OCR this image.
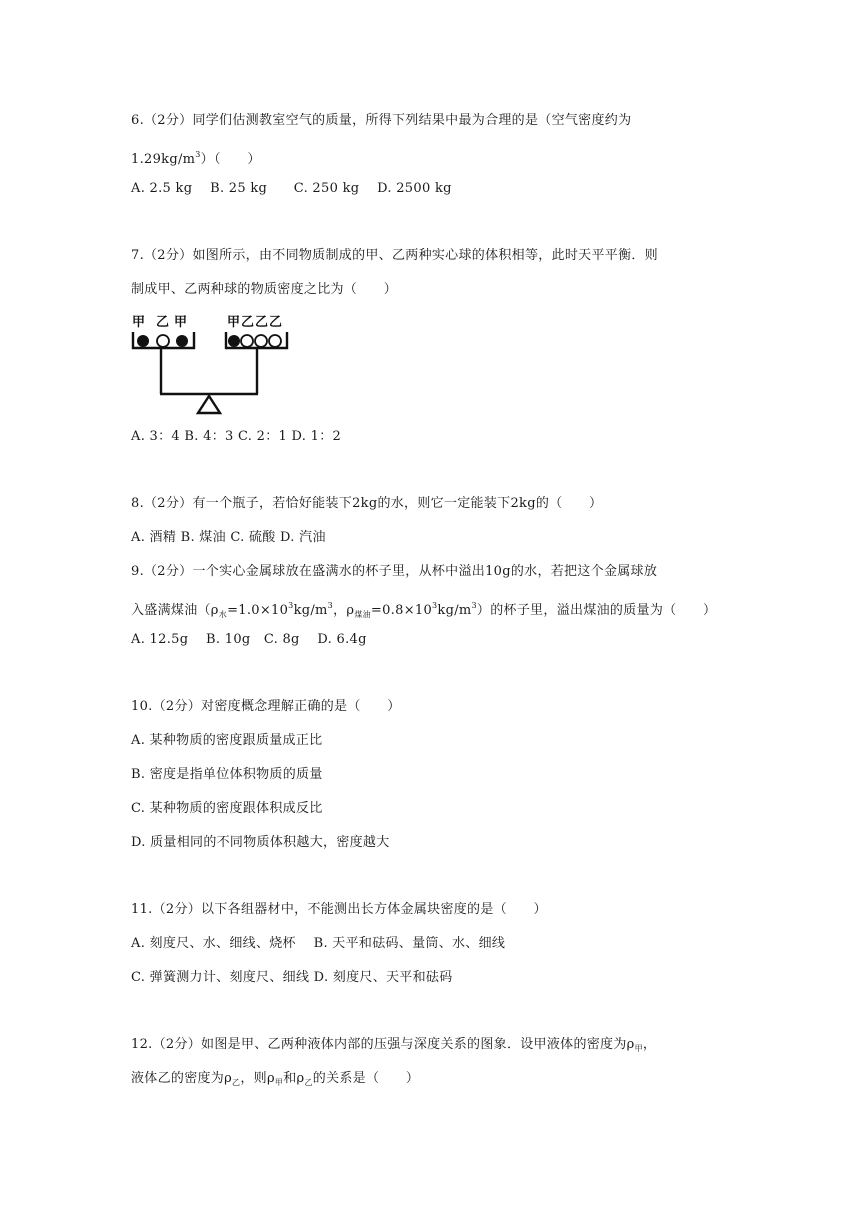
6.（2分）同学们估测教室空气的质量，所得下列结果中最为合理的是（空气密度约为
$1.29kg/m^3$）（　　）
A. 2.5 kg　 B. 25 kg　　C. 250 kg　 D. 2500 kg
7.（2分）如图所示，由不同物质制成的甲、乙两种实心球的体积相等，此时天平平衡．则
制成甲、乙两种球的物质密度之比为（　　）
甲 乙 甲	甲 乙 乙 乙
A. 3：4 B. 4：3 C. 2：1 D. 1：2
8.（2分）有一个瓶子，若恰好能装下2kg的水，则它一定能装下2kg的（　　）
A. 酒精 B. 煤油 C. 硫酸 D. 汽油
9.（2分）一个实心金属球放在盛满水的杯子里，从杯中溢出10g的水，若把这个金属球放
入盛满煤油（$\rho_水=1.0\times 10^3kg/m^3$，$\rho_{煤油}=0.8\times 10^3kg/m^3$）的杯子里，溢出煤油的质量为（　　）
A. 12.5g　 B. 10g　C. 8g　 D. 6.4g
10.（2分）对密度概念理解正确的是（　　）
A. 某种物质的密度跟质量成正比
B. 密度是指单位体积物质的质量
C. 某种物质的密度跟体积成反比
D. 质量相同的不同物质体积越大，密度越大
11.（2分）以下各组器材中，不能测出长方体金属块密度的是（　　）
A. 刻度尺、水、细线、烧杯　 B. 天平和砝码、量筒、水、细线
C. 弹簧测力计、刻度尺、细线 D. 刻度尺、天平和砝码
12.（2分）如图是甲、乙两种液体内部的压强与深度关系的图象．设甲液体的密度为$\rho_甲$，
液体乙的密度为$\rho_乙$，则$\rho_甲$和$\rho_乙$的关系是（　　）
